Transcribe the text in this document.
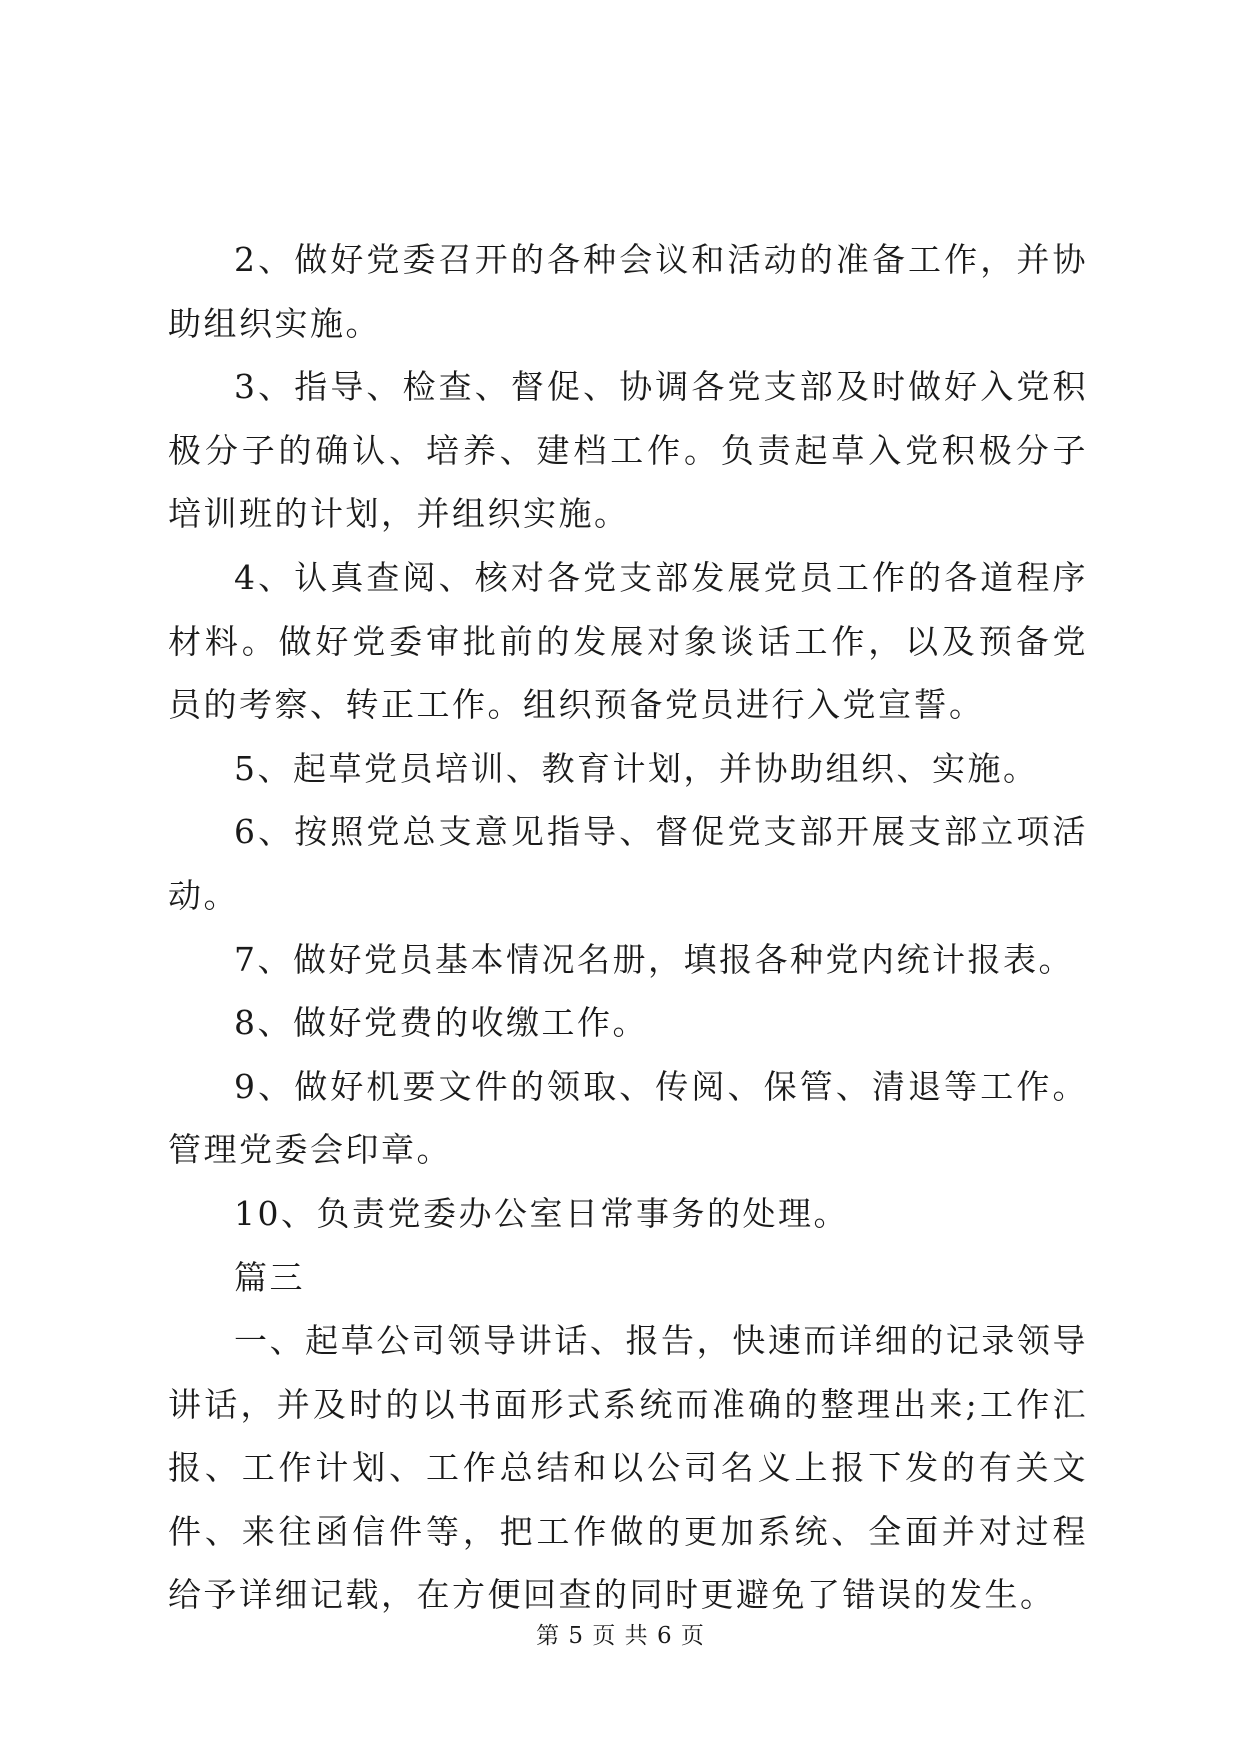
2、做好党委召开的各种会议和活动的准备工作，并协助组织实施。

3、指导、检查、督促、协调各党支部及时做好入党积极分子的确认、培养、建档工作。负责起草入党积极分子培训班的计划，并组织实施。

4、认真查阅、核对各党支部发展党员工作的各道程序材料。做好党委审批前的发展对象谈话工作，以及预备党员的考察、转正工作。组织预备党员进行入党宣誓。

5、起草党员培训、教育计划，并协助组织、实施。

6、按照党总支意见指导、督促党支部开展支部立项活动。

7、做好党员基本情况名册，填报各种党内统计报表。

8、做好党费的收缴工作。

9、做好机要文件的领取、传阅、保管、清退等工作。管理党委会印章。

10、负责党委办公室日常事务的处理。

篇三

一、起草公司领导讲话、报告，快速而详细的记录领导讲话，并及时的以书面形式系统而准确的整理出来;工作汇报、工作计划、工作总结和以公司名义上报下发的有关文件、来往函信件等，把工作做的更加系统、全面并对过程给予详细记载，在方便回查的同时更避免了错误的发生。

第 5 页 共 6 页
